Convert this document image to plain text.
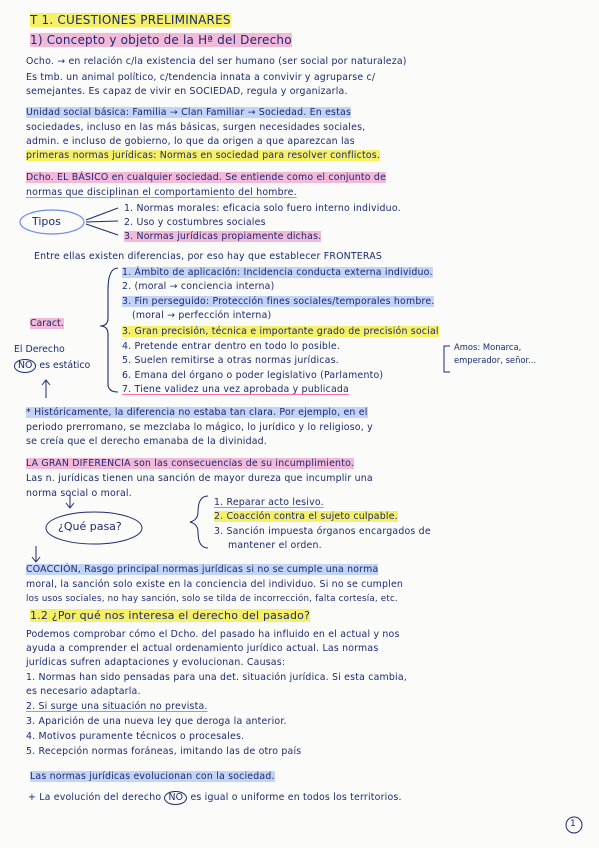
T 1. CUESTIONES PRELIMINARES
1) Concepto y objeto de la Hª del Derecho
Ocho. → en relación c/la existencia del ser humano (ser social por naturaleza)
Es tmb. un animal político, c/tendencia innata a convivir y agruparse c/
semejantes. Es capaz de vivir en SOCIEDAD, regula y organizarla.
Unidad social básica: Familia → Clan Familiar → Sociedad. En estas
sociedades, incluso en las más básicas, surgen necesidades sociales,
admin. e incluso de gobierno, lo que da origen a que aparezcan las
primeras normas jurídicas: Normas en sociedad para resolver conflictos.
Dcho. EL BÁSICO en cualquier sociedad. Se entiende como el conjunto de
normas que disciplinan el comportamiento del hombre.
Tipos
1. Normas morales: eficacia solo fuero interno individuo.
2. Uso y costumbres sociales
3. Normas jurídicas propiamente dichas.
Entre ellas existen diferencias, por eso hay que establecer FRONTERAS
Caract.
El Derecho
NO es estático
1. Ámbito de aplicación: Incidencia conducta externa individuo.
2. (moral → conciencia interna)
3. Fin perseguido: Protección fines sociales/temporales hombre.
(moral → perfección interna)
3. Gran precisión, técnica e importante grado de precisión social
4. Pretende entrar dentro en todo lo posible.
5. Suelen remitirse a otras normas jurídicas.
6. Emana del órgano o poder legislativo (Parlamento)
7. Tiene validez una vez aprobada y publicada
Amos: Monarca,
emperador, señor...
* Históricamente, la diferencia no estaba tan clara. Por ejemplo, en el
periodo prerromano, se mezclaba lo mágico, lo jurídico y lo religioso, y
se creía que el derecho emanaba de la divinidad.
LA GRAN DIFERENCIA son las consecuencias de su incumplimiento.
Las n. jurídicas tienen una sanción de mayor dureza que incumplir una
norma social o moral.
¿Qué pasa?
1. Reparar acto lesivo.
2. Coacción contra el sujeto culpable.
3. Sanción impuesta órganos encargados de
mantener el orden.
COACCIÓN, Rasgo principal normas jurídicas si no se cumple una norma
moral, la sanción solo existe en la conciencia del individuo. Si no se cumplen
los usos sociales, no hay sanción, solo se tilda de incorrección, falta cortesía, etc.
1.2 ¿Por qué nos interesa el derecho del pasado?
Podemos comprobar cómo el Dcho. del pasado ha influido en el actual y nos
ayuda a comprender el actual ordenamiento jurídico actual. Las normas
jurídicas sufren adaptaciones y evolucionan. Causas:
1. Normas han sido pensadas para una det. situación jurídica. Si esta cambia,
es necesario adaptarla.
2. Si surge una situación no prevista.
3. Aparición de una nueva ley que deroga la anterior.
4. Motivos puramente técnicos o procesales.
5. Recepción normas foráneas, imitando las de otro país
Las normas jurídicas evolucionan con la sociedad.
+ La evolución del derecho NO es igual o uniforme en todos los territorios.
1
